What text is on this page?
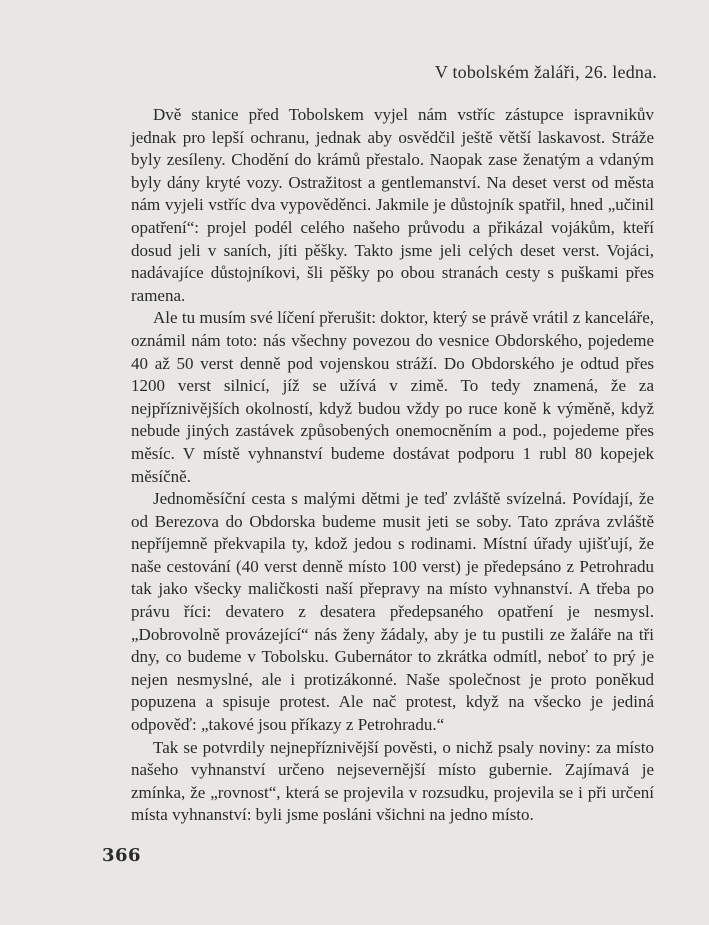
V tobolském žaláři, 26. ledna.

Dvě stanice před Tobolskem vyjel nám vstříc zástupce ispravnikův jednak pro lepší ochranu, jednak aby osvědčil ještě větší laskavost. Stráže byly zesíleny. Chodění do krámů přestalo. Naopak zase ženatým a vdaným byly dány kryté vozy. Ostražitost a gentlemanství. Na deset verst od města nám vyjeli vstříc dva vypověděnci. Jakmile je důstojník spatřil, hned „učinil opatření“: projel podél celého našeho průvodu a přikázal vojákům, kteří dosud jeli v saních, jíti pěšky. Takto jsme jeli celých deset verst. Vojáci, nadávajíce důstojníkovi, šli pěšky po obou stranách cesty s puškami přes ramena.

Ale tu musím své líčení přerušit: doktor, který se právě vrátil z kanceláře, oznámil nám toto: nás všechny povezou do vesnice Obdorského, pojedeme 40 až 50 verst denně pod vojenskou stráží. Do Obdorského je odtud přes 1200 verst silnicí, jíž se užívá v zimě. To tedy znamená, že za nejpříznivějších okolností, když budou vždy po ruce koně k výměně, když nebude jiných zastávek způsobených onemocněním a pod., pojedeme přes měsíc. V místě vyhnanství budeme dostávat podporu 1 rubl 80 kopejek měsíčně.

Jednoměsíční cesta s malými dětmi je teď zvláště svízelná. Povídají, že od Berezova do Obdorska budeme musit jeti se soby. Tato zpráva zvláště nepříjemně překvapila ty, kdož jedou s rodinami. Místní úřady ujišťují, že naše cestování (40 verst denně místo 100 verst) je předepsáno z Petrohradu tak jako všecky maličkosti naší přepravy na místo vyhnanství. A třeba po právu říci: devatero z desatera předepsaného opatření je nesmysl. „Dobrovolně provázející“ nás ženy žádaly, aby je tu pustili ze žaláře na tři dny, co budeme v Tobolsku. Gubernátor to zkrátka odmítl, neboť to prý je nejen nesmyslné, ale i protizákonné. Naše společnost je proto poněkud popuzena a spisuje protest. Ale nač protest, když na všecko je jediná odpověď: „takové jsou příkazy z Petrohradu.“

Tak se potvrdily nejnepříznivější pověsti, o nichž psaly noviny: za místo našeho vyhnanství určeno nejsevernější místo gubernie. Zajímavá je zmínka, že „rovnost“, která se projevila v rozsudku, projevila se i při určení místa vyhnanství: byli jsme posláni všichni na jedno místo.

366
